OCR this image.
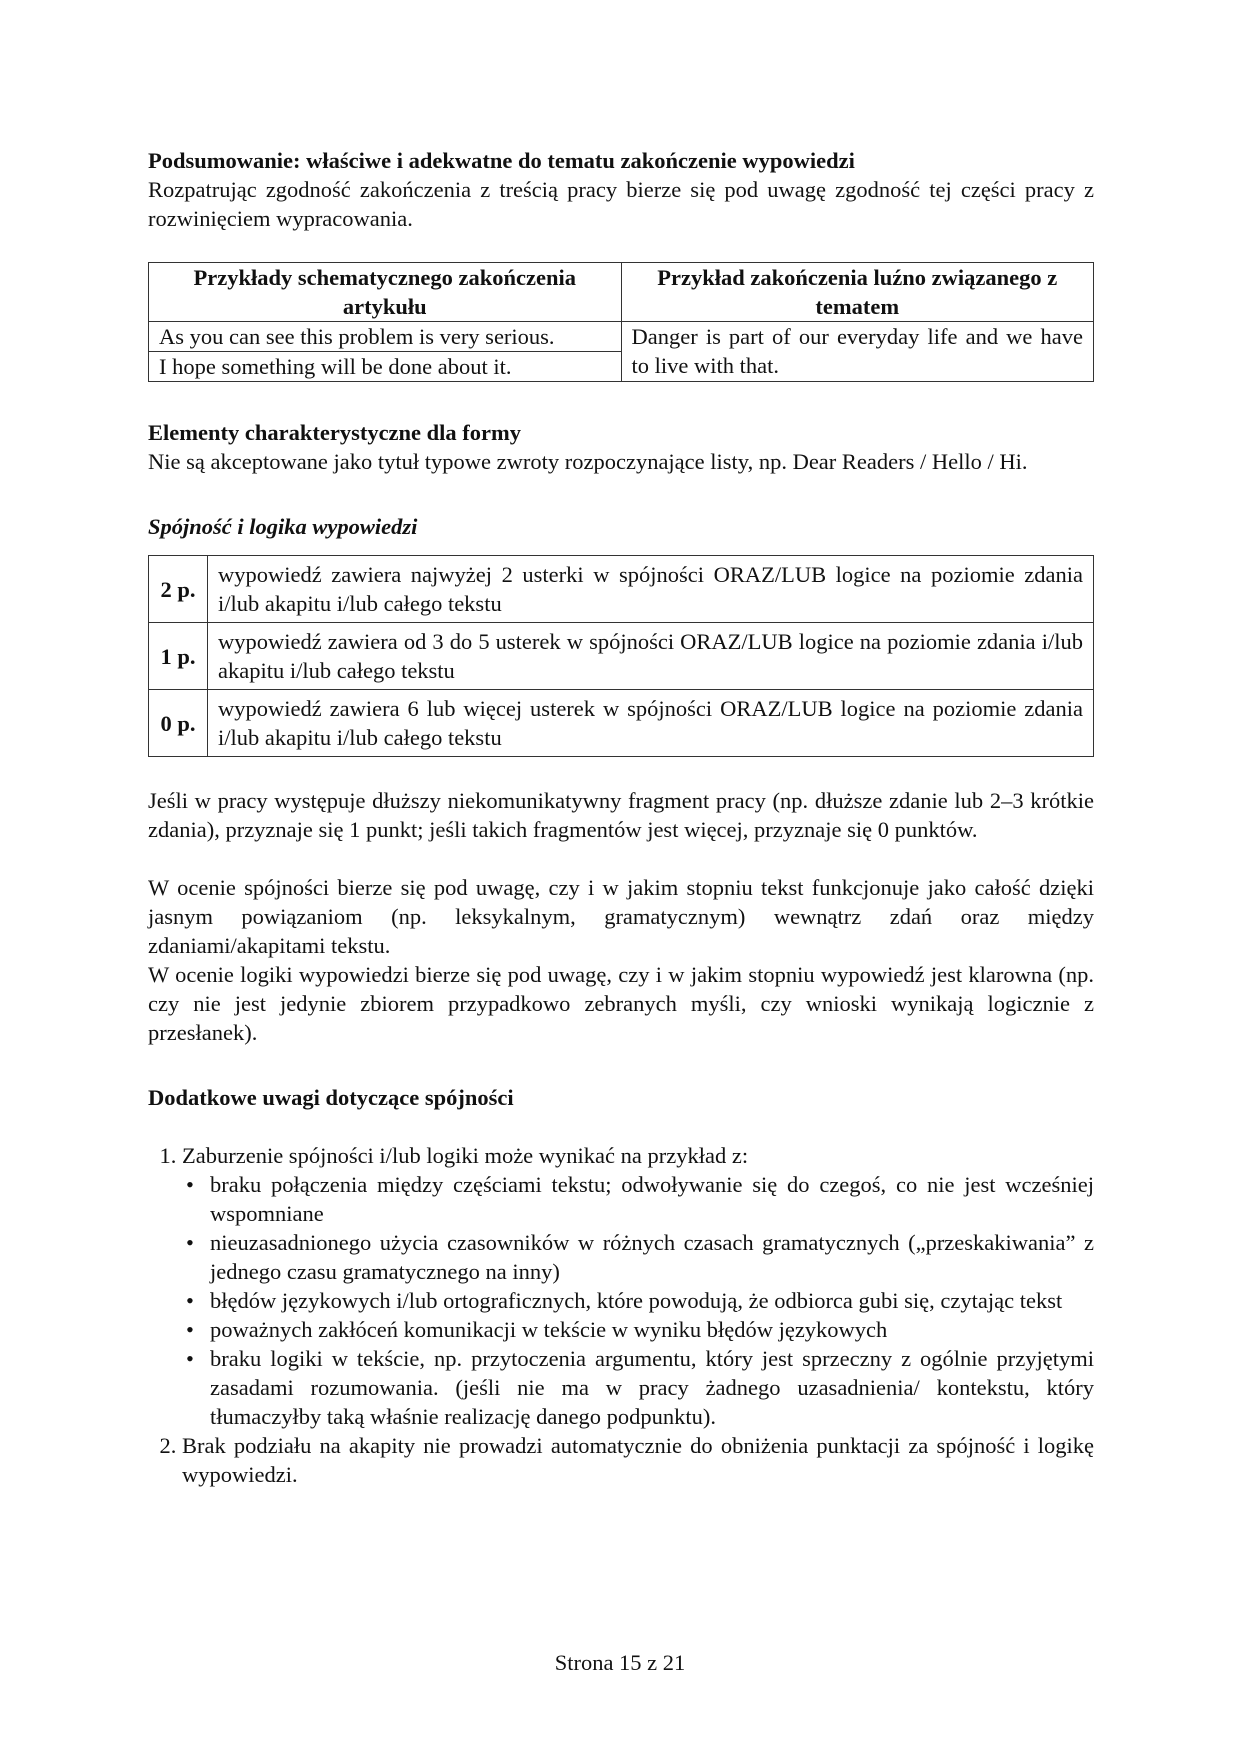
Podsumowanie: właściwe i adekwatne do tematu zakończenie wypowiedzi

Rozpatrując zgodność zakończenia z treścią pracy bierze się pod uwagę zgodność tej części pracy z rozwinięciem wypracowania.

Przykłady schematycznego zakończenia artykułu	Przykład zakończenia luźno związanego z tematem
As you can see this problem is very serious.	Danger is part of our everyday life and we have to live with that.
I hope something will be done about it.	

Elementy charakterystyczne dla formy

Nie są akceptowane jako tytuł typowe zwroty rozpoczynające listy, np. Dear Readers / Hello / Hi.

Spójność i logika wypowiedzi

2 p.	wypowiedź zawiera najwyżej 2 usterki w spójności ORAZ/LUB logice na poziomie zdania i/lub akapitu i/lub całego tekstu
1 p.	wypowiedź zawiera od 3 do 5 usterek w spójności ORAZ/LUB logice na poziomie zdania i/lub akapitu i/lub całego tekstu
0 p.	wypowiedź zawiera 6 lub więcej usterek w spójności ORAZ/LUB logice na poziomie zdania i/lub akapitu i/lub całego tekstu

Jeśli w pracy występuje dłuższy niekomunikatywny fragment pracy (np. dłuższe zdanie lub 2–3 krótkie zdania), przyznaje się 1 punkt; jeśli takich fragmentów jest więcej, przyznaje się 0 punktów.

W ocenie spójności bierze się pod uwagę, czy i w jakim stopniu tekst funkcjonuje jako całość dzięki jasnym powiązaniom (np. leksykalnym, gramatycznym) wewnątrz zdań oraz między zdaniami/akapitami tekstu.

W ocenie logiki wypowiedzi bierze się pod uwagę, czy i w jakim stopniu wypowiedź jest klarowna (np. czy nie jest jedynie zbiorem przypadkowo zebranych myśli, czy wnioski wynikają logicznie z przesłanek).

Dodatkowe uwagi dotyczące spójności

1. Zaburzenie spójności i/lub logiki może wynikać na przykład z:
• braku połączenia między częściami tekstu; odwoływanie się do czegoś, co nie jest wcześniej wspomniane
• nieuzasadnionego użycia czasowników w różnych czasach gramatycznych („przeskakiwania” z jednego czasu gramatycznego na inny)
• błędów językowych i/lub ortograficznych, które powodują, że odbiorca gubi się, czytając tekst
• poważnych zakłóceń komunikacji w tekście w wyniku błędów językowych
• braku logiki w tekście, np. przytoczenia argumentu, który jest sprzeczny z ogólnie przyjętymi zasadami rozumowania. (jeśli nie ma w pracy żadnego uzasadnienia/ kontekstu, który tłumaczyłby taką właśnie realizację danego podpunktu).
2. Brak podziału na akapity nie prowadzi automatycznie do obniżenia punktacji za spójność i logikę wypowiedzi.
Strona 15 z 21
